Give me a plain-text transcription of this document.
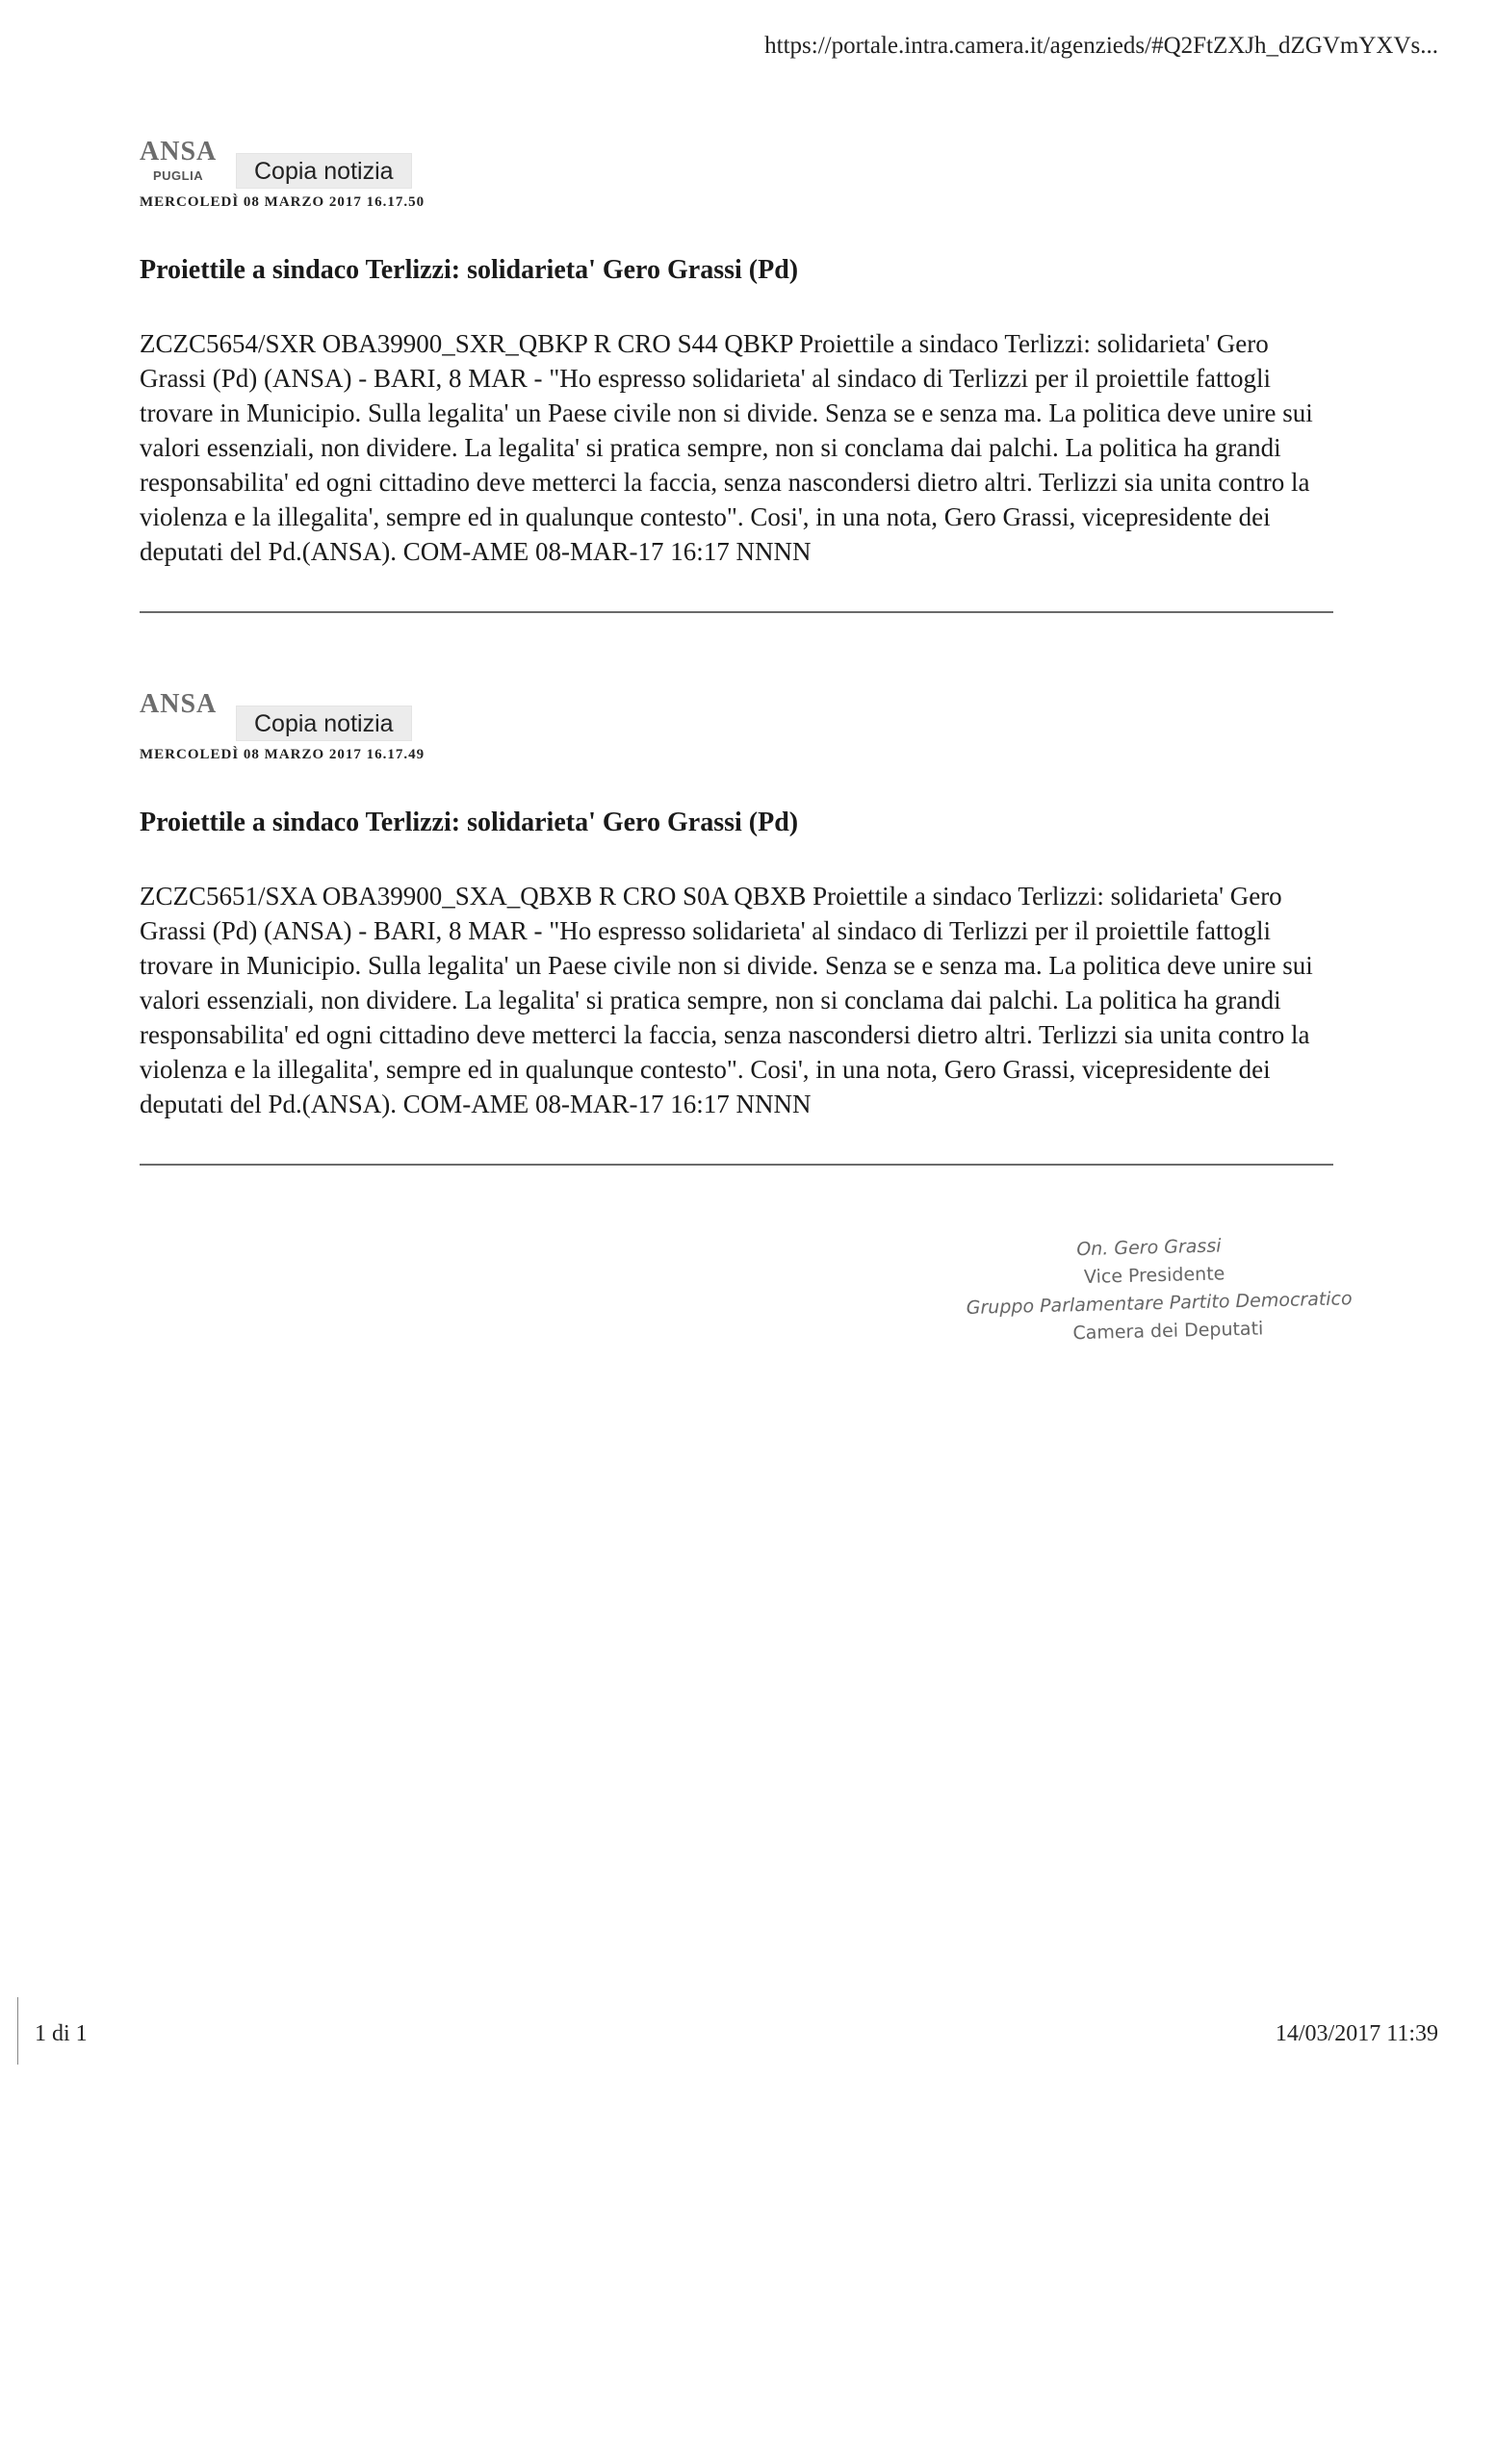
https://portale.intra.camera.it/agenzieds/#Q2FtZXJh_dZGVmYXVs...
ANSA
PUGLIA	Copia notizia
MERCOLEDÌ 08 MARZO 2017 16.17.50
Proiettile a sindaco Terlizzi: solidarieta' Gero Grassi (Pd)
ZCZC5654/SXR OBA39900_SXR_QBKP R CRO S44 QBKP Proiettile a sindaco Terlizzi: solidarieta' Gero Grassi (Pd) (ANSA) - BARI, 8 MAR - "Ho espresso solidarieta' al sindaco di Terlizzi per il proiettile fattogli trovare in Municipio. Sulla legalita' un Paese civile non si divide. Senza se e senza ma. La politica deve unire sui valori essenziali, non dividere. La legalita' si pratica sempre, non si conclama dai palchi. La politica ha grandi responsabilita' ed ogni cittadino deve metterci la faccia, senza nascondersi dietro altri. Terlizzi sia unita contro la violenza e la illegalita', sempre ed in qualunque contesto". Cosi', in una nota, Gero Grassi, vicepresidente dei deputati del Pd.(ANSA). COM-AME 08-MAR-17 16:17 NNNN
ANSA
Copia notizia
MERCOLEDÌ 08 MARZO 2017 16.17.49
Proiettile a sindaco Terlizzi: solidarieta' Gero Grassi (Pd)
ZCZC5651/SXA OBA39900_SXA_QBXB R CRO S0A QBXB Proiettile a sindaco Terlizzi: solidarieta' Gero Grassi (Pd) (ANSA) - BARI, 8 MAR - "Ho espresso solidarieta' al sindaco di Terlizzi per il proiettile fattogli trovare in Municipio. Sulla legalita' un Paese civile non si divide. Senza se e senza ma. La politica deve unire sui valori essenziali, non dividere. La legalita' si pratica sempre, non si conclama dai palchi. La politica ha grandi responsabilita' ed ogni cittadino deve metterci la faccia, senza nascondersi dietro altri. Terlizzi sia unita contro la violenza e la illegalita', sempre ed in qualunque contesto". Cosi', in una nota, Gero Grassi, vicepresidente dei deputati del Pd.(ANSA). COM-AME 08-MAR-17 16:17 NNNN
On. Gero Grassi
Vice Presidente
Gruppo Parlamentare Partito Democratico
Camera dei Deputati
1 di 1	14/03/2017 11:39
